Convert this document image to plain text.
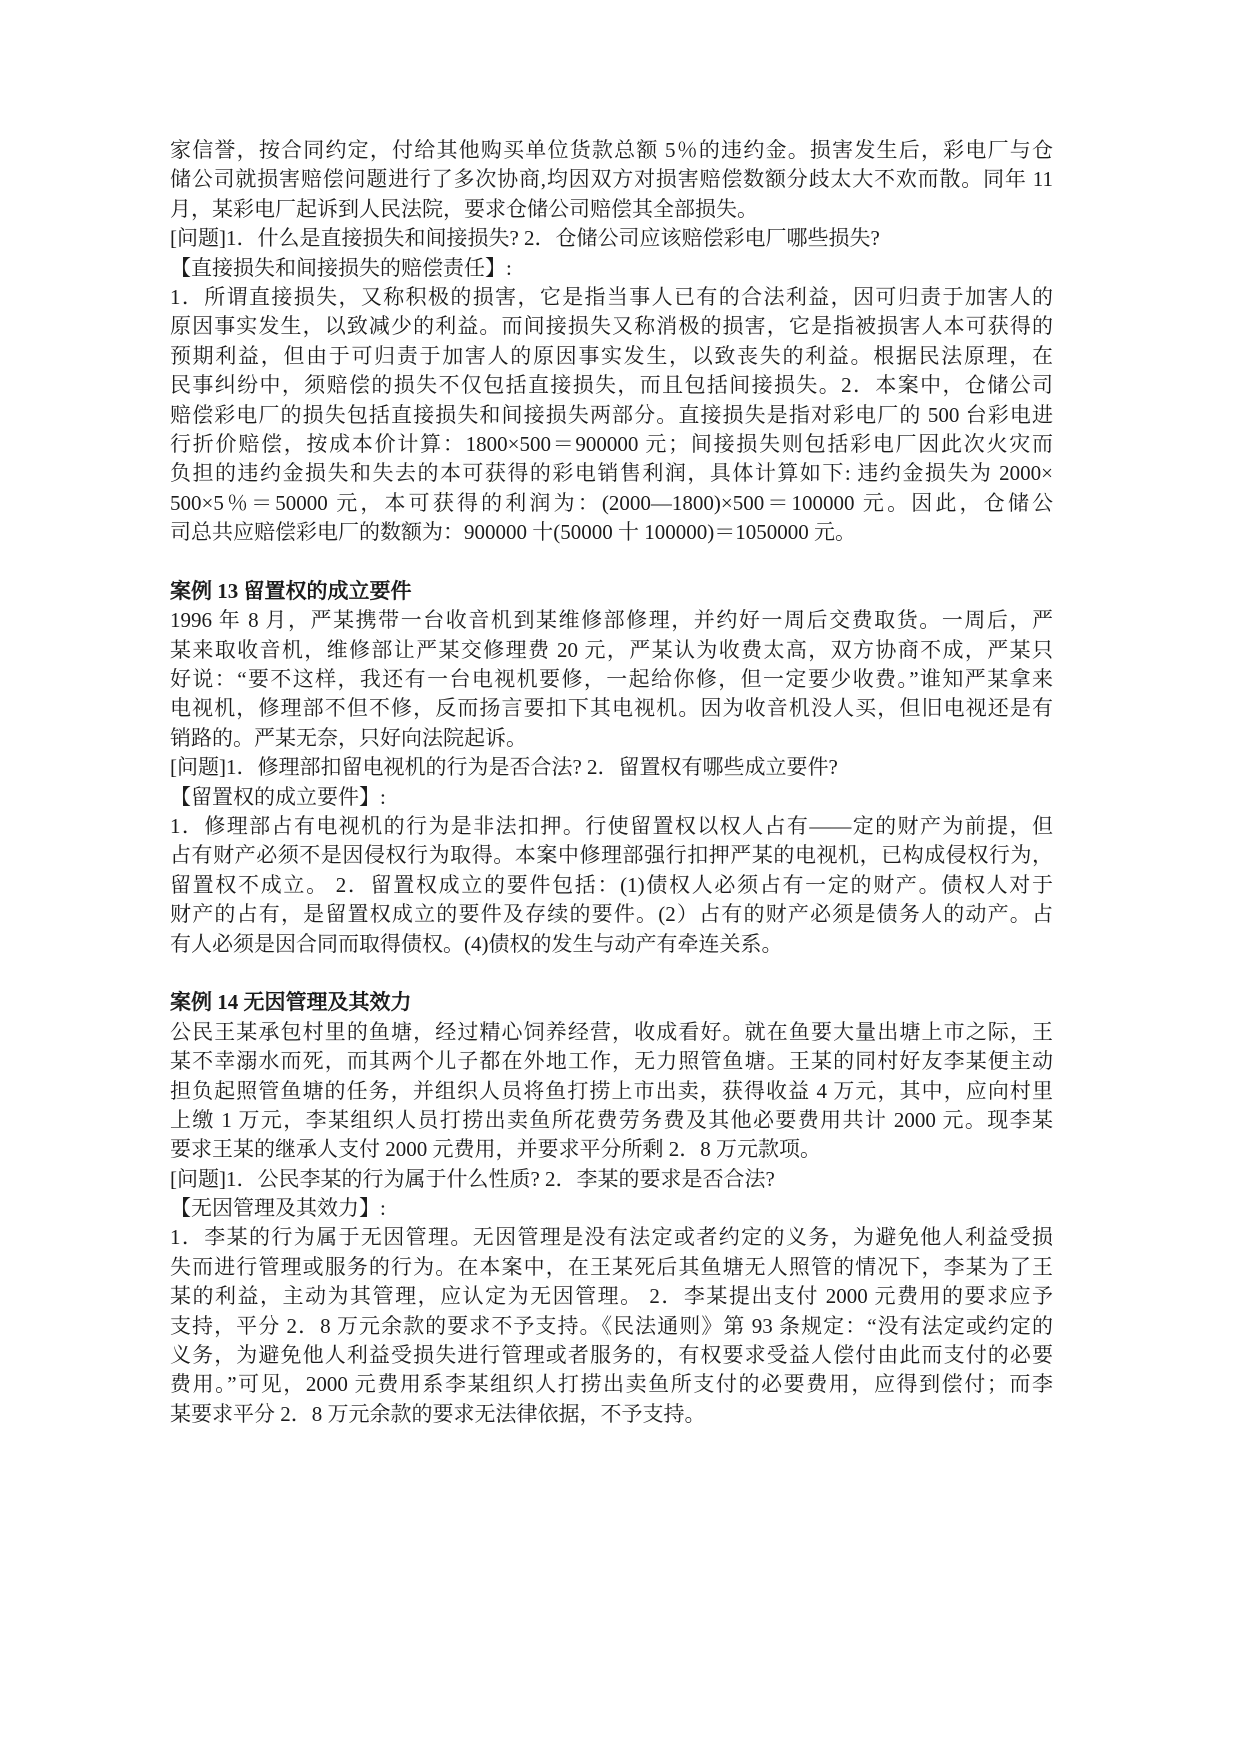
家信誉，按合同约定，付给其他购买单位货款总额 5％的违约金。损害发生后，彩电厂与仓
储公司就损害赔偿问题进行了多次协商,均因双方对损害赔偿数额分歧太大不欢而散。同年 11
月，某彩电厂起诉到人民法院，要求仓储公司赔偿其全部损失。
[问题]1．什么是直接损失和间接损失? 2．仓储公司应该赔偿彩电厂哪些损失?
【直接损失和间接损失的赔偿责任】:
1．所谓直接损失，又称积极的损害，它是指当事人已有的合法利益，因可归责于加害人的
原因事实发生，以致减少的利益。而间接损失又称消极的损害，它是指被损害人本可获得的
预期利益，但由于可归责于加害人的原因事实发生，以致丧失的利益。根据民法原理，在
民事纠纷中，须赔偿的损失不仅包括直接损失，而且包括间接损失。2．本案中，仓储公司
赔偿彩电厂的损失包括直接损失和间接损失两部分。直接损失是指对彩电厂的 500 台彩电进
行折价赔偿，按成本价计算：1800×500＝900000 元；间接损失则包括彩电厂因此次火灾而
负担的违约金损失和失去的本可获得的彩电销售利润，具体计算如下: 违约金损失为 2000×
500×5％＝50000 元，本可获得的利润为：(2000—1800)×500＝100000 元。因此，仓储公
司总共应赔偿彩电厂的数额为：900000 十(50000 十 100000)＝1050000 元。
案例 13 留置权的成立要件
1996 年 8 月，严某携带一台收音机到某维修部修理，并约好一周后交费取货。一周后，严
某来取收音机，维修部让严某交修理费 20 元，严某认为收费太高，双方协商不成，严某只
好说：“要不这样，我还有一台电视机要修，一起给你修，但一定要少收费。”谁知严某拿来
电视机，修理部不但不修，反而扬言要扣下其电视机。因为收音机没人买，但旧电视还是有
销路的。严某无奈，只好向法院起诉。
[问题]1．修理部扣留电视机的行为是否合法? 2．留置权有哪些成立要件?
【留置权的成立要件】:
1．修理部占有电视机的行为是非法扣押。行使留置权以权人占有——定的财产为前提，但
占有财产必须不是因侵权行为取得。本案中修理部强行扣押严某的电视机，已构成侵权行为，
留置权不成立。 2．留置权成立的要件包括：(1)债权人必须占有一定的财产。债权人对于
财产的占有，是留置权成立的要件及存续的要件。(2）占有的财产必须是债务人的动产。占
有人必须是因合同而取得债权。(4)债权的发生与动产有牵连关系。
案例 14 无因管理及其效力
公民王某承包村里的鱼塘，经过精心饲养经营，收成看好。就在鱼要大量出塘上市之际，王
某不幸溺水而死，而其两个儿子都在外地工作，无力照管鱼塘。王某的同村好友李某便主动
担负起照管鱼塘的任务，并组织人员将鱼打捞上市出卖，获得收益 4 万元，其中，应向村里
上缴 1 万元，李某组织人员打捞出卖鱼所花费劳务费及其他必要费用共计 2000 元。现李某
要求王某的继承人支付 2000 元费用，并要求平分所剩 2．8 万元款项。
[问题]1．公民李某的行为属于什么性质? 2．李某的要求是否合法?
【无因管理及其效力】:
1．李某的行为属于无因管理。无因管理是没有法定或者约定的义务，为避免他人利益受损
失而进行管理或服务的行为。在本案中，在王某死后其鱼塘无人照管的情况下，李某为了王
某的利益，主动为其管理，应认定为无因管理。 2．李某提出支付 2000 元费用的要求应予
支持，平分 2．8 万元余款的要求不予支持。《民法通则》第 93 条规定：“没有法定或约定的
义务，为避免他人利益受损失进行管理或者服务的，有权要求受益人偿付由此而支付的必要
费用。”可见，2000 元费用系李某组织人打捞出卖鱼所支付的必要费用，应得到偿付；而李
某要求平分 2．8 万元余款的要求无法律依据，不予支持。
